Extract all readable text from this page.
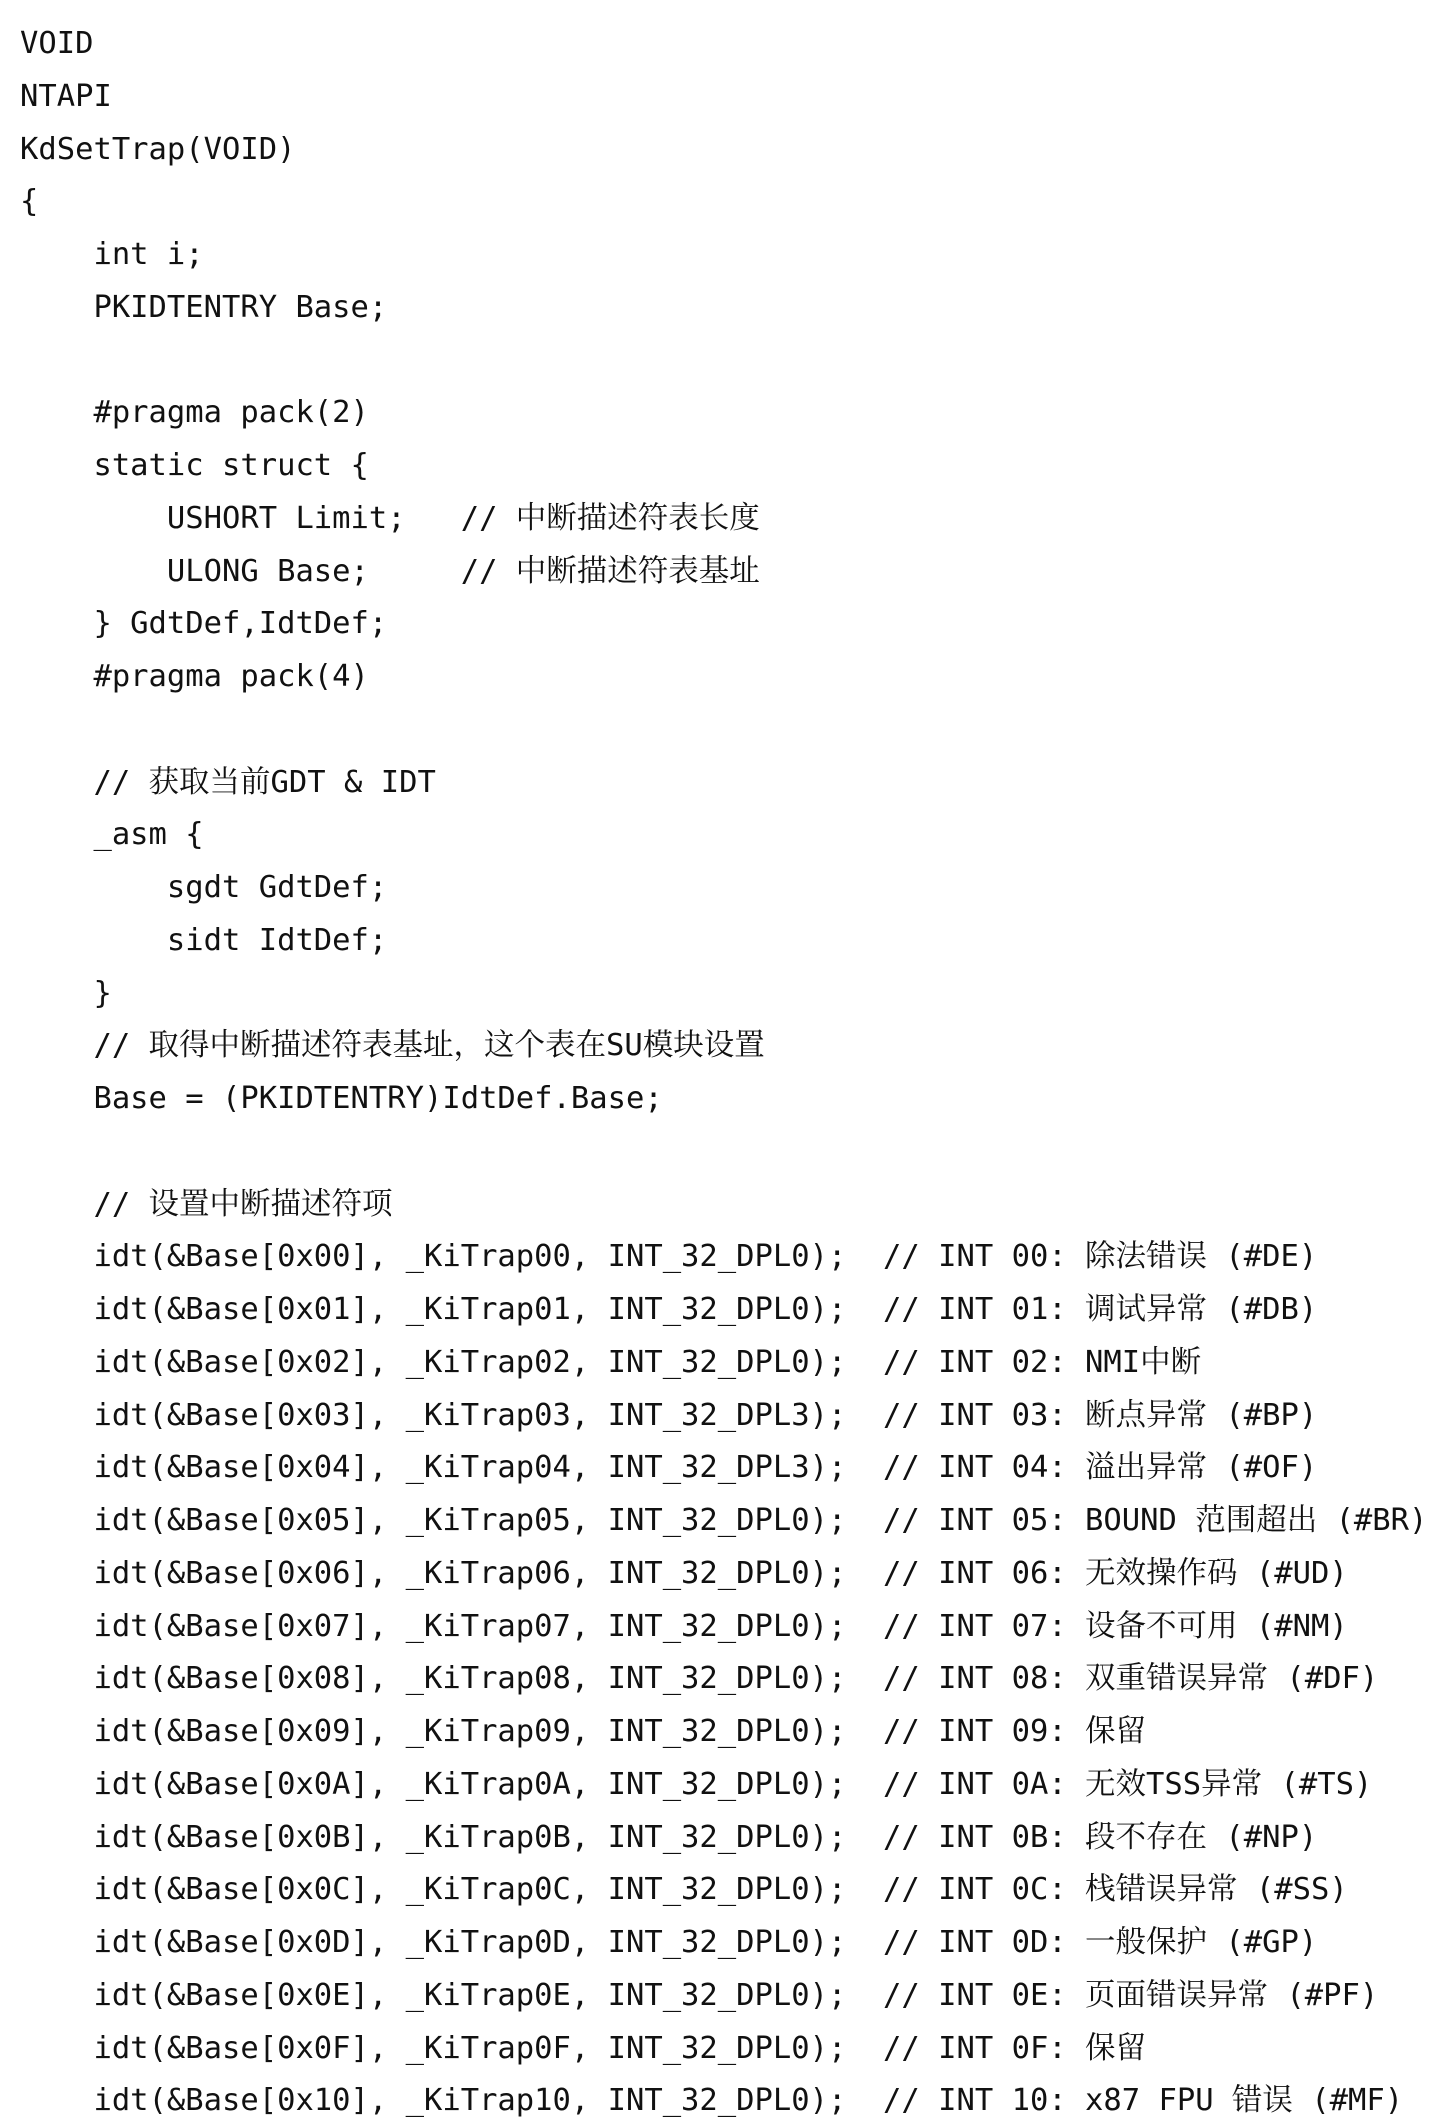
VOID
NTAPI
KdSetTrap(VOID)
{
int i;
PKIDTENTRY Base;
#pragma pack(2)
static struct {
USHORT Limit;   // 中断描述符表长度
ULONG Base;     // 中断描述符表基址
} GdtDef,IdtDef;
#pragma pack(4)
// 获取当前GDT & IDT
_asm {
sgdt GdtDef;
sidt IdtDef;
}
// 取得中断描述符表基址，这个表在SU模块设置
Base = (PKIDTENTRY)IdtDef.Base;
// 设置中断描述符项
idt(&Base[0x00], _KiTrap00, INT_32_DPL0);  // INT 00: 除法错误 (#DE)
idt(&Base[0x01], _KiTrap01, INT_32_DPL0);  // INT 01: 调试异常 (#DB)
idt(&Base[0x02], _KiTrap02, INT_32_DPL0);  // INT 02: NMI中断
idt(&Base[0x03], _KiTrap03, INT_32_DPL3);  // INT 03: 断点异常 (#BP)
idt(&Base[0x04], _KiTrap04, INT_32_DPL3);  // INT 04: 溢出异常 (#OF)
idt(&Base[0x05], _KiTrap05, INT_32_DPL0);  // INT 05: BOUND 范围超出 (#BR)
idt(&Base[0x06], _KiTrap06, INT_32_DPL0);  // INT 06: 无效操作码 (#UD)
idt(&Base[0x07], _KiTrap07, INT_32_DPL0);  // INT 07: 设备不可用 (#NM)
idt(&Base[0x08], _KiTrap08, INT_32_DPL0);  // INT 08: 双重错误异常 (#DF)
idt(&Base[0x09], _KiTrap09, INT_32_DPL0);  // INT 09: 保留
idt(&Base[0x0A], _KiTrap0A, INT_32_DPL0);  // INT 0A: 无效TSS异常 (#TS)
idt(&Base[0x0B], _KiTrap0B, INT_32_DPL0);  // INT 0B: 段不存在 (#NP)
idt(&Base[0x0C], _KiTrap0C, INT_32_DPL0);  // INT 0C: 栈错误异常 (#SS)
idt(&Base[0x0D], _KiTrap0D, INT_32_DPL0);  // INT 0D: 一般保护 (#GP)
idt(&Base[0x0E], _KiTrap0E, INT_32_DPL0);  // INT 0E: 页面错误异常 (#PF)
idt(&Base[0x0F], _KiTrap0F, INT_32_DPL0);  // INT 0F: 保留
idt(&Base[0x10], _KiTrap10, INT_32_DPL0);  // INT 10: x87 FPU 错误 (#MF)
